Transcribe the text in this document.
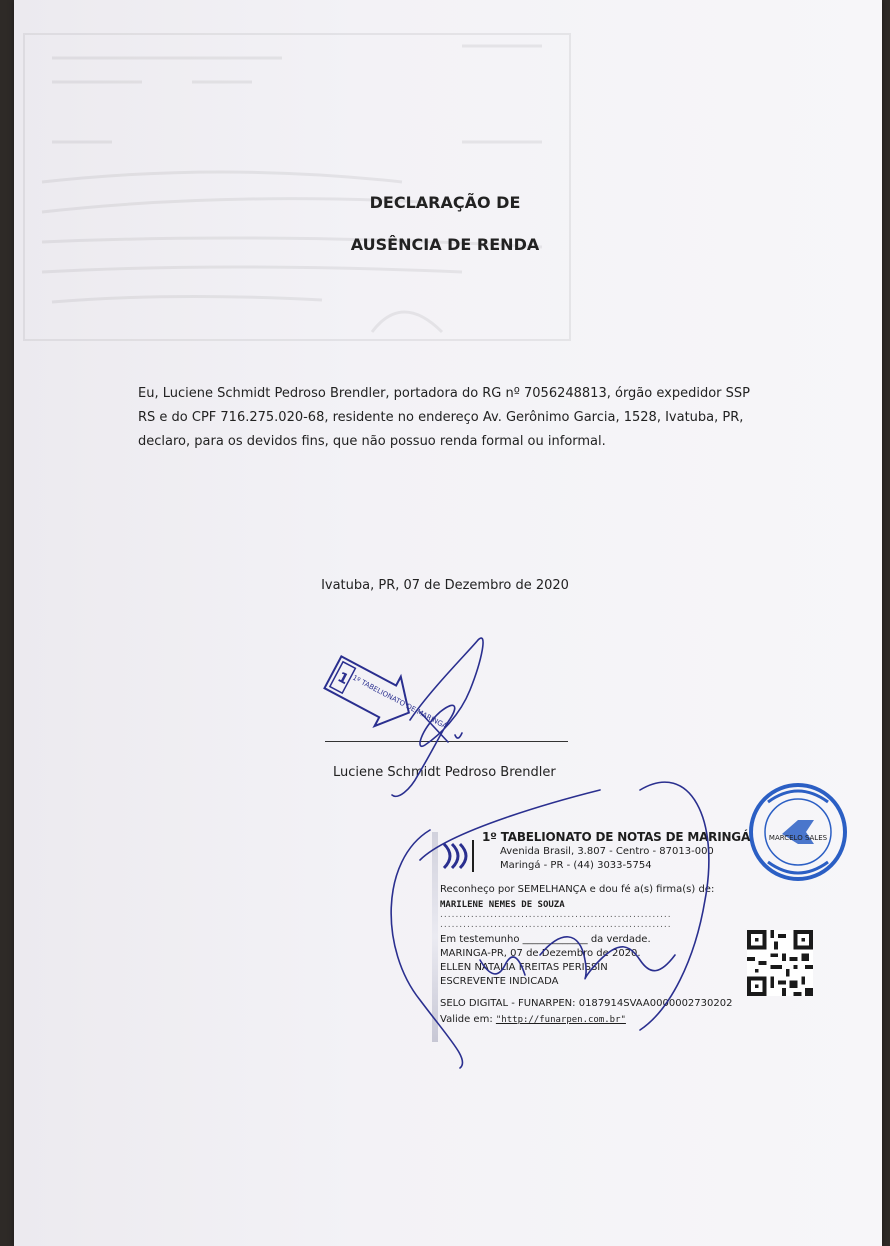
DECLARAÇÃO DE
AUSÊNCIA DE RENDA
Eu, Luciene Schmidt Pedroso Brendler, portadora do RG nº 7056248813, órgão expedidor SSP RS e do CPF 716.275.020-68, residente no endereço Av. Gerônimo Garcia, 1528, Ivatuba, PR, declaro, para os devidos fins, que não possuo renda formal ou informal.
Ivatuba, PR, 07 de Dezembro de 2020
1 1º TABELIONATO DE MARINGÁ
Luciene Schmidt Pedroso Brendler
MARCELO SALES
1º TABELIONATO DE NOTAS DE MARINGÁ
Avenida Brasil, 3.807 - Centro - 87013-000
Maringá - PR - (44) 3033-5754
Reconheço por SEMELHANÇA e dou fé a(s) firma(s) de:
MARILENE NEMES DE SOUZA
............................................................
............................................................
Em testemunho _____________ da verdade.
MARINGA-PR, 07 de Dezembro de 2020.
ELLEN NATALIA FREITAS PERISSIN
ESCREVENTE INDICADA
SELO DIGITAL - FUNARPEN: 0187914SVAA0000002730202
Valide em: "http://funarpen.com.br"
